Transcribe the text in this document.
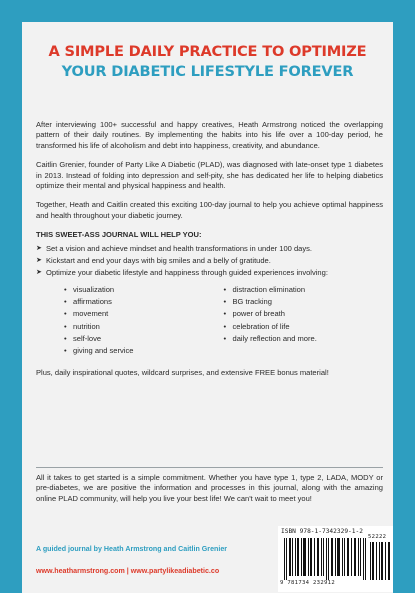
A SIMPLE DAILY PRACTICE TO OPTIMIZE
YOUR DIABETIC LIFESTYLE FOREVER

After interviewing 100+ successful and happy creatives, Heath Armstrong noticed the overlapping pattern of their daily routines. By implementing the habits into his life over a 100-day period, he transformed his life of alcoholism and debt into happiness, creativity, and abundance.

Caitlin Grenier, founder of Party Like A Diabetic (PLAD), was diagnosed with late-onset type 1 diabetes in 2013. Instead of folding into depression and self-pity, she has dedicated her life to helping diabetics optimize their mental and physical happiness and health.

Together, Heath and Caitlin created this exciting 100-day journal to help you achieve optimal happiness and health throughout your diabetic journey.

THIS SWEET-ASS JOURNAL WILL HELP YOU:
➤ Set a vision and achieve mindset and health transformations in under 100 days.
➤ Kickstart and end your days with big smiles and a belly of gratitude.
➤ Optimize your diabetic lifestyle and happiness through guided experiences involving:
• visualization
• affirmations
• movement
• nutrition
• self-love
• giving and service
• distraction elimination
• BG tracking
• power of breath
• celebration of life
• daily reflection and more.

Plus, daily inspirational quotes, wildcard surprises, and extensive FREE bonus material!

All it takes to get started is a simple commitment. Whether you have type 1, type 2, LADA, MODY or pre-diabetes, we are positive the information and processes in this journal, along with the amazing online PLAD community, will help you live your best life! We can't wait to meet you!
A guided journal by Heath Armstrong and Caitlin Grenier
www.heatharmstrong.com | www.partylikeadiabetic.co
ISBN 978-1-7342329-1-2
9 781734 232912
52222
